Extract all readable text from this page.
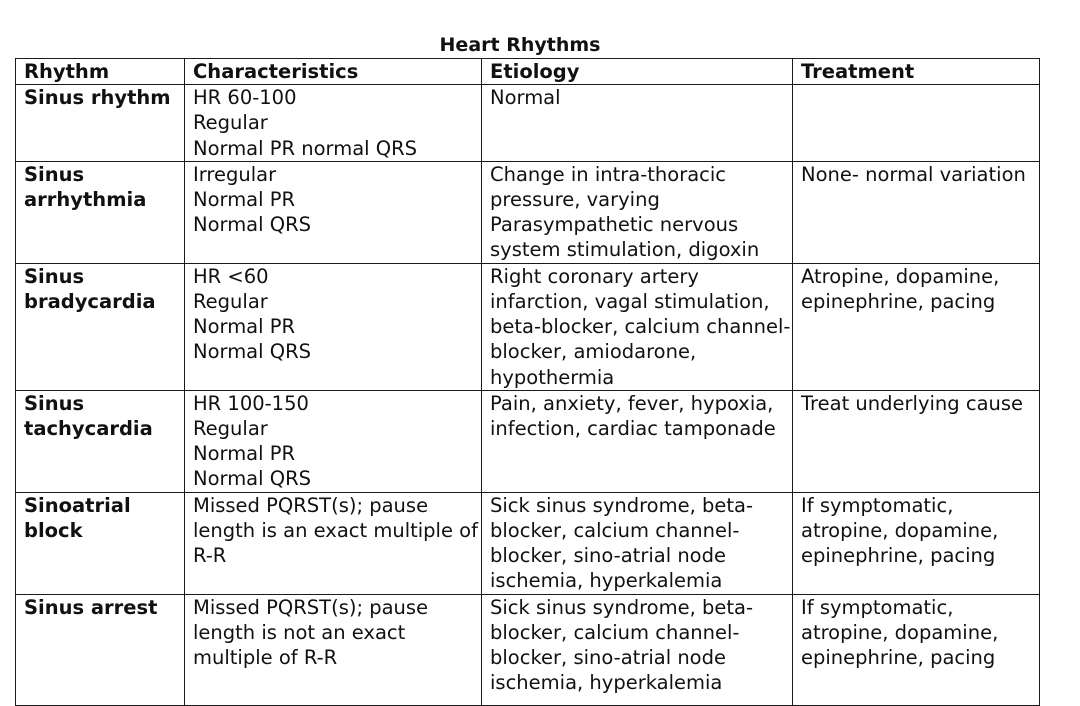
Heart Rhythms
Rhythm	Characteristics	Etiology	Treatment

Sinus rhythm	HR 60-100
Regular
Normal PR normal QRS	Normal	

Sinus
arrhythmia	Irregular
Normal PR
Normal QRS	Change in intra-thoracic
pressure, varying
Parasympathetic nervous
system stimulation, digoxin	None- normal variation

Sinus
bradycardia	HR <60
Regular
Normal PR
Normal QRS	Right coronary artery
infarction, vagal stimulation,
beta-blocker, calcium channel-
blocker, amiodarone,
hypothermia	Atropine, dopamine,
epinephrine, pacing

Sinus
tachycardia	HR 100-150
Regular
Normal PR
Normal QRS	Pain, anxiety, fever, hypoxia,
infection, cardiac tamponade	Treat underlying cause

Sinoatrial
block	Missed PQRST(s); pause
length is an exact multiple of
R-R	Sick sinus syndrome, beta-
blocker, calcium channel-
blocker, sino-atrial node
ischemia, hyperkalemia	If symptomatic,
atropine, dopamine,
epinephrine, pacing

Sinus arrest	Missed PQRST(s); pause
length is not an exact
multiple of R-R	Sick sinus syndrome, beta-
blocker, calcium channel-
blocker, sino-atrial node
ischemia, hyperkalemia	If symptomatic,
atropine, dopamine,
epinephrine, pacing
